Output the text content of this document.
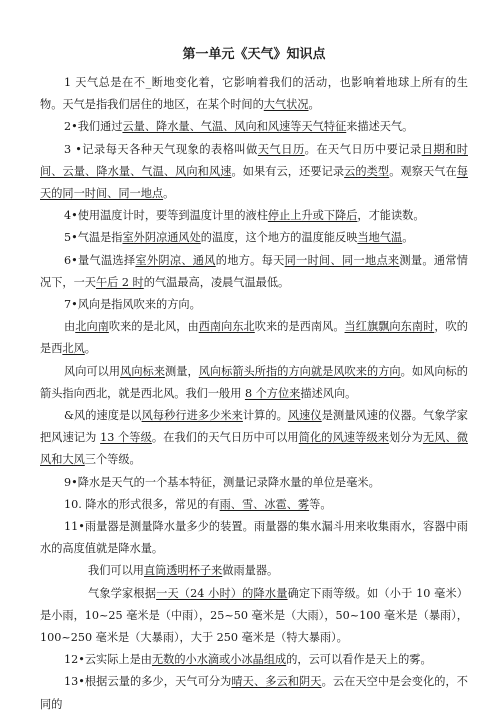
第一单元《天气》知识点

1 天气总是在不_断地变化着，它影响着我们的活动，也影响着地球上所有的生物。天气是指我们居住的地区，在某个时间的大气状况。

2•我们通过云量、降水量、气温、风向和风速等天气特征来描述天气。

3 •记录每天各种天气现象的表格叫做天气日历。在天气日历中要记录日期和时间、云量、降水量、气温、风向和风速。如果有云，还要记录云的类型。观察天气在每天的同一时间、同一地点。

4•使用温度计时，要等到温度计里的液柱停止上升或下降后，才能读数。

5•气温是指室外阴凉通风处的温度，这个地方的温度能反映当地气温。

6•量气温选择室外阴凉、通风的地方。每天同一时间、同一地点来测量。通常情况下，一天午后 2 时的气温最高，凌晨气温最低。

7•风向是指风吹来的方向。

由北向南吹来的是北风，由西南向东北吹来的是西南风。当红旗飘向东南时，吹的是西北风。

风向可以用风向标来测量，风向标箭头所指的方向就是风吹来的方向。如风向标的箭头指向西北，就是西北风。我们一般用 8 个方位来描述风向。

&风的速度是以风每秒行进多少米来计算的。风速仪是测量风速的仪器。气象学家把风速记为 13 个等级。在我们的天气日历中可以用简化的风速等级来划分为无风、微风和大风三个等级。

9•降水是天气的一个基本特征，测量记录降水量的单位是毫米。

10. 降水的形式很多，常见的有雨、雪、冰雹、雾等。

11•雨量器是测量降水量多少的装置。雨量器的集水漏斗用来收集雨水，容器中雨水的高度值就是降水量。

我们可以用直筒透明杯子来做雨量器。

气象学家根据一天（24 小时）的降水量确定下雨等级。如（小于 10 毫米）是小雨，10~25 毫米是（中雨），25~50 毫米是（大雨），50~100 毫米是（暴雨），100~250 毫米是（大暴雨），大于 250 毫米是（特大暴雨）。

12•云实际上是由无数的小水滴或小冰晶组成的，云可以看作是天上的雾。

13•根据云量的多少，天气可分为晴天、多云和阴天。云在天空中是会变化的，不同的
